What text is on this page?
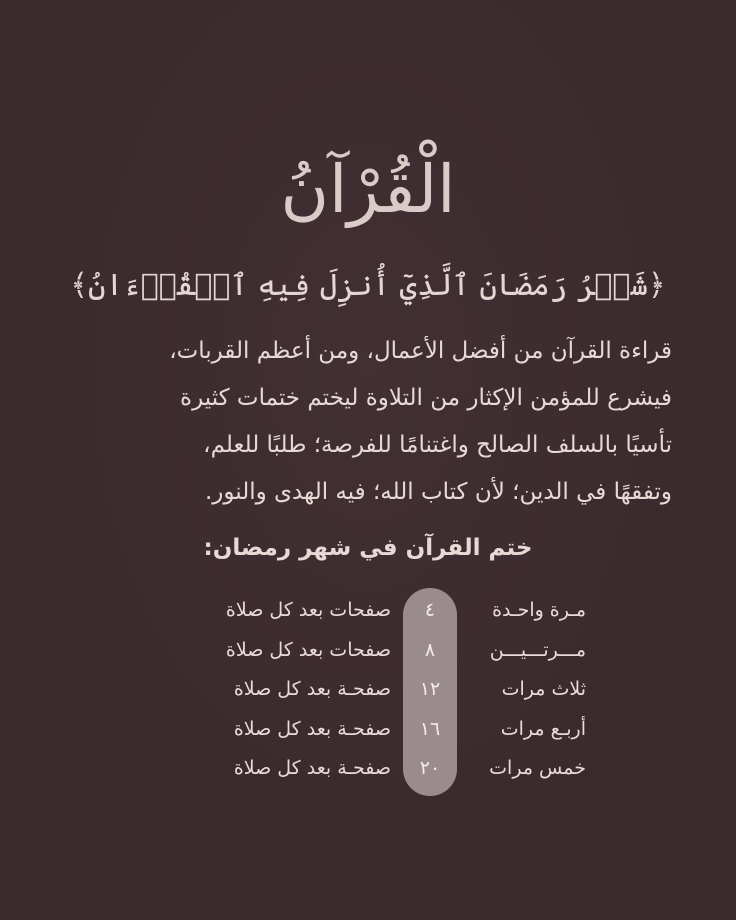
الْقُرْآنُ
﴿شَهۡرُ رَمَضَانَ ٱلَّذِيٓ أُنزِلَ فِيهِ ٱلۡقُرۡءَانُ﴾
قراءة القرآن من أفضل الأعمال، ومن أعظم القربات،
فيشرع للمؤمن الإكثار من التلاوة ليختم ختمات كثيرة
تأسيًا بالسلف الصالح واغتنامًا للفرصة؛ طلبًا للعلم،
وتفقهًا في الدين؛ لأن كتاب الله؛ فيه الهدى والنور.
ختم القرآن في شهر رمضان:
مـرة واحـدة
٤
صفحات بعد كل صلاة
مـــرتـــيـــن
٨
صفحات بعد كل صلاة
ثلاث مرات
١٢
صفحـة بعد كل صلاة
أربـع مرات
١٦
صفحـة بعد كل صلاة
خمس مرات
٢٠
صفحـة بعد كل صلاة
